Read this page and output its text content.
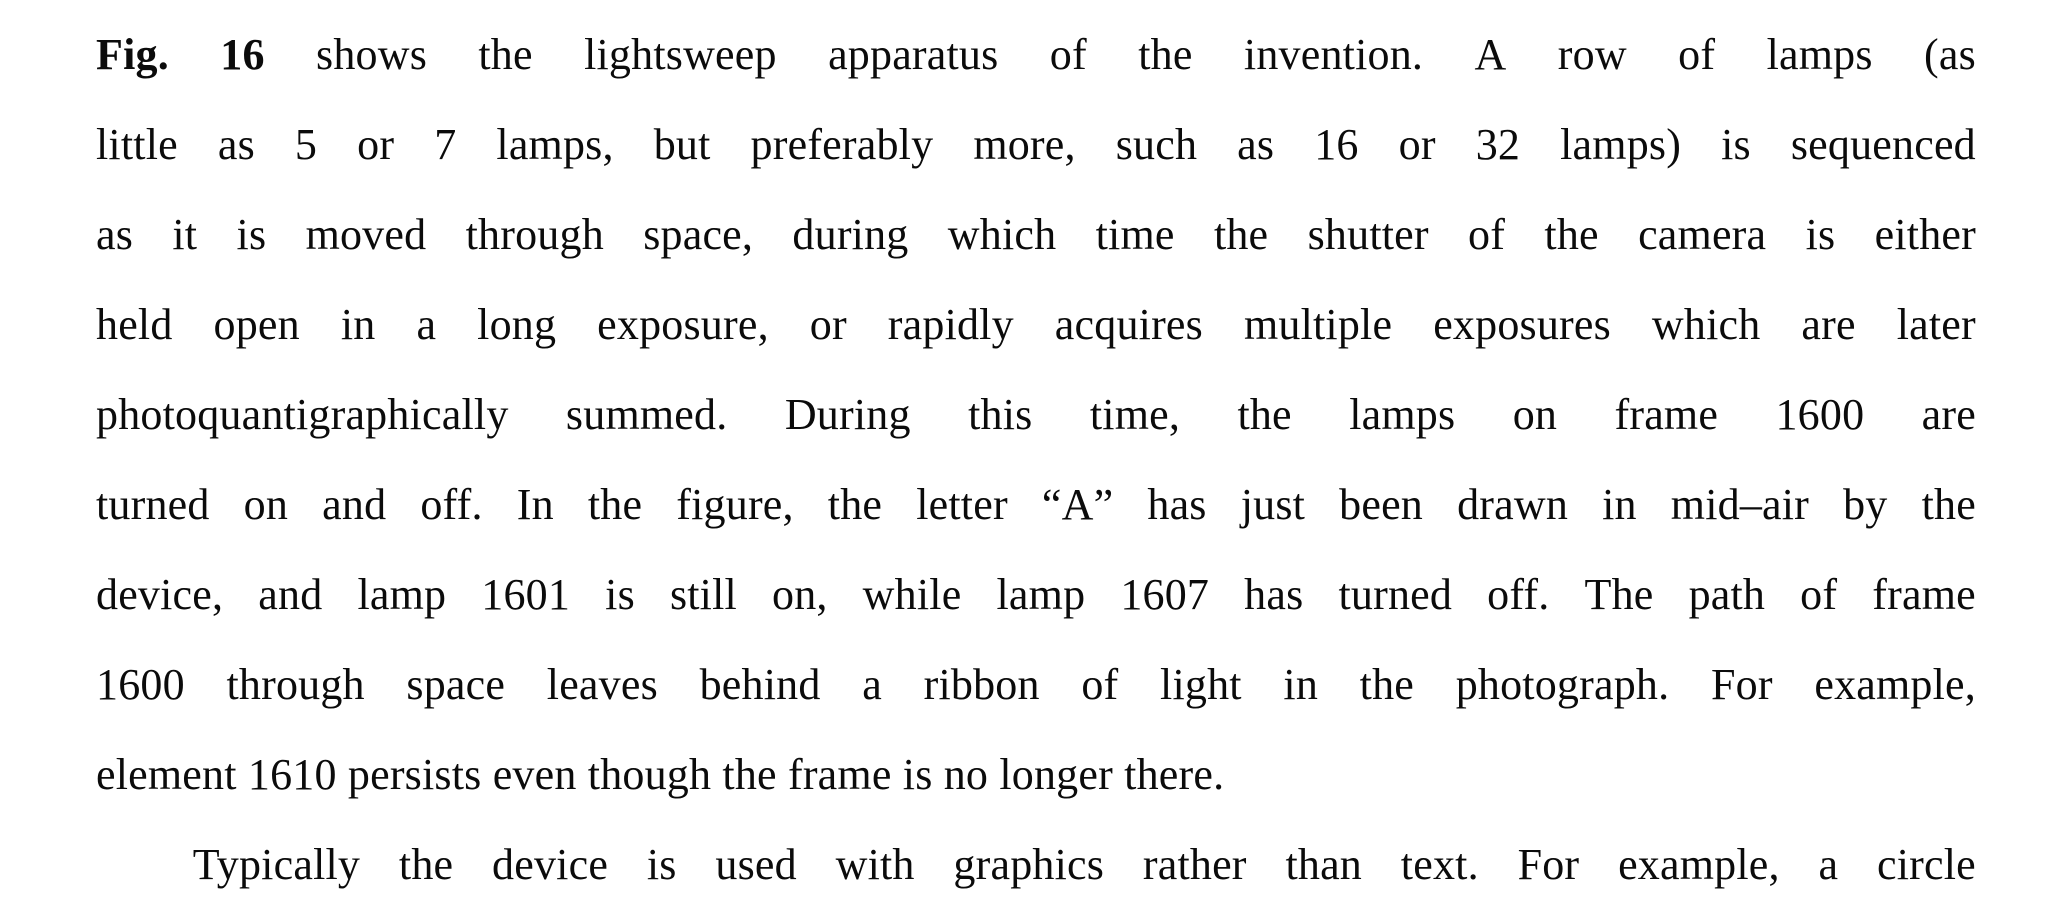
Fig. 16 shows the lightsweep apparatus of the invention. A row of lamps (as
little as 5 or 7 lamps, but preferably more, such as 16 or 32 lamps) is sequenced
as it is moved through space, during which time the shutter of the camera is either
held open in a long exposure, or rapidly acquires multiple exposures which are later
photoquantigraphically summed. During this time, the lamps on frame 1600 are
turned on and off. In the figure, the letter “A” has just been drawn in mid–air by the
device, and lamp 1601 is still on, while lamp 1607 has turned off. The path of frame
1600 through space leaves behind a ribbon of light in the photograph. For example,
element 1610 persists even though the frame is no longer there.

Typically the device is used with graphics rather than text. For example, a circle
